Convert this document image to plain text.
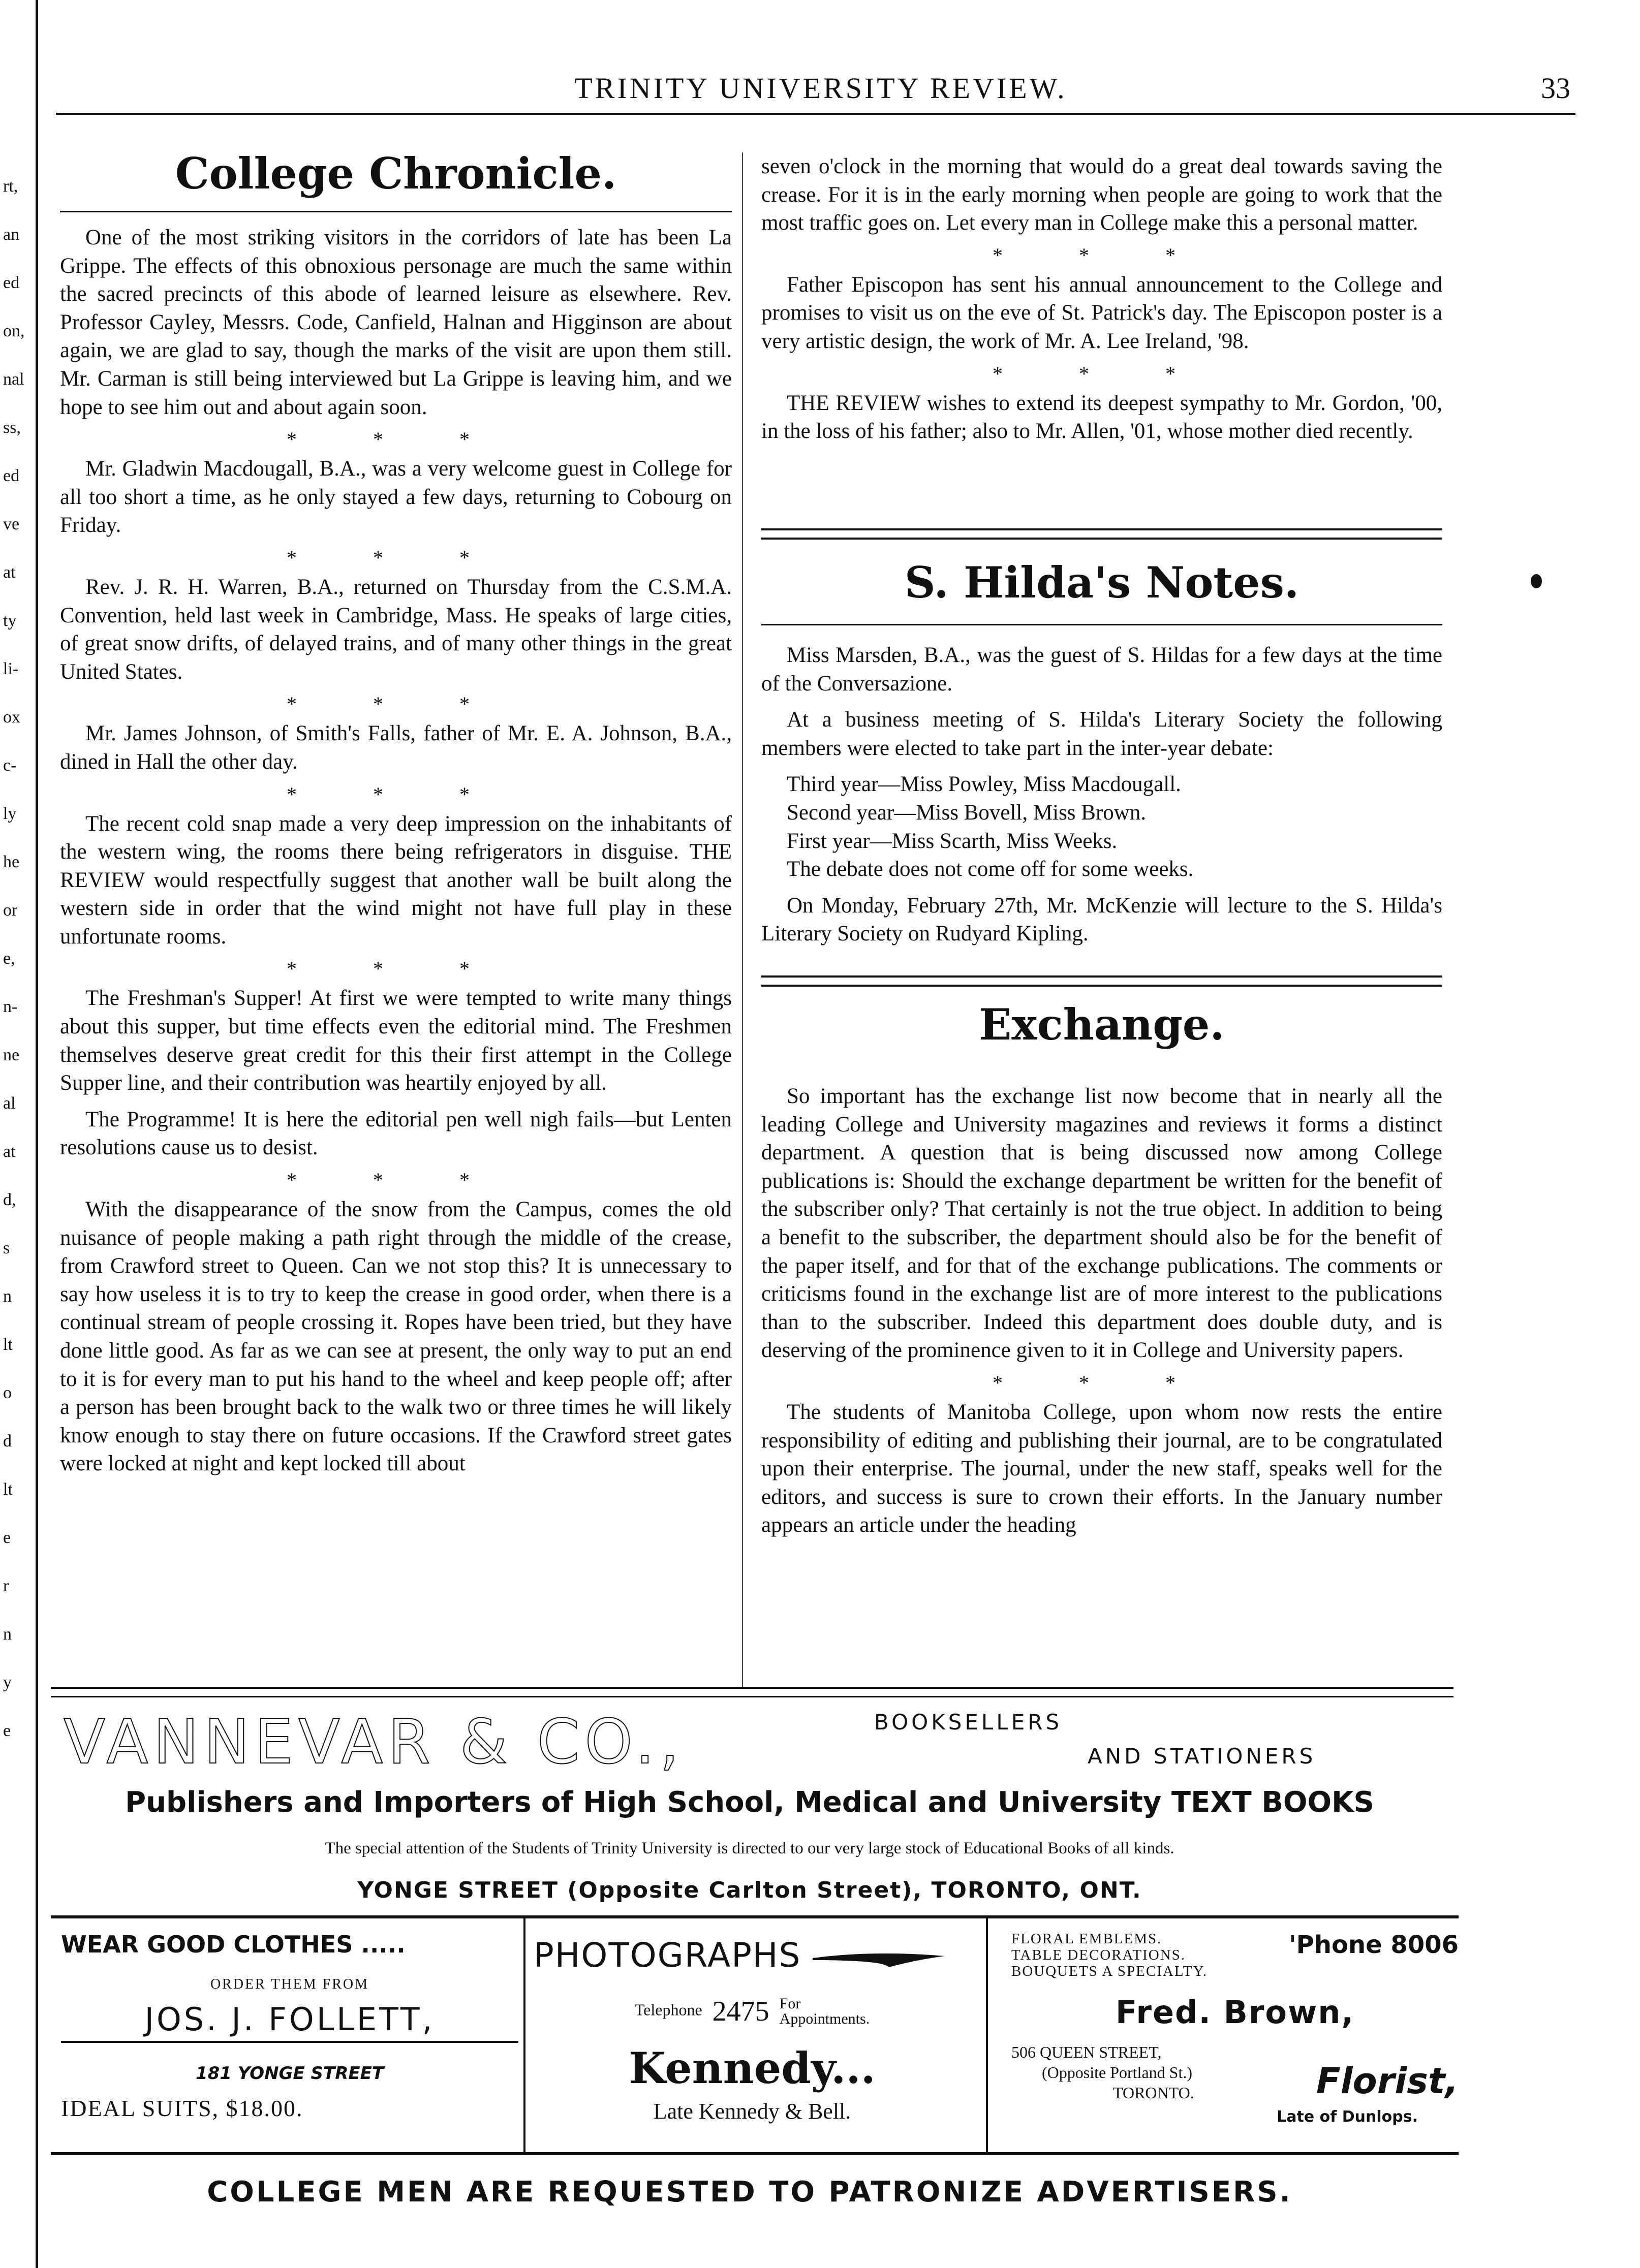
rt,
an
ed
on,
nal
ss,
ed
ve
at
ty
li-
ox
c-
ly
he
or
e,
n-
ne
al
at
d,
s
n
lt
o
d
lt
e
r
n
y
e
TRINITY UNIVERSITY REVIEW.	33
College Chronicle.

One of the most striking visitors in the corridors of late has been La Grippe. The effects of this obnoxious personage are much the same within the sacred precincts of this abode of learned leisure as elsewhere. Rev. Professor Cayley, Messrs. Code, Canfield, Halnan and Higginson are about again, we are glad to say, though the marks of the visit are upon them still. Mr. Carman is still being interviewed but La Grippe is leaving him, and we hope to see him out and about again soon.

* * *

Mr. Gladwin Macdougall, B.A., was a very welcome guest in College for all too short a time, as he only stayed a few days, returning to Cobourg on Friday.

* * *

Rev. J. R. H. Warren, B.A., returned on Thursday from the C.S.M.A. Convention, held last week in Cambridge, Mass. He speaks of large cities, of great snow drifts, of delayed trains, and of many other things in the great United States.

* * *

Mr. James Johnson, of Smith's Falls, father of Mr. E. A. Johnson, B.A., dined in Hall the other day.

* * *

The recent cold snap made a very deep impression on the inhabitants of the western wing, the rooms there being refrigerators in disguise. THE REVIEW would respectfully suggest that another wall be built along the western side in order that the wind might not have full play in these unfortunate rooms.

* * *

The Freshman's Supper! At first we were tempted to write many things about this supper, but time effects even the editorial mind. The Freshmen themselves deserve great credit for this their first attempt in the College Supper line, and their contribution was heartily enjoyed by all.

The Programme! It is here the editorial pen well nigh fails—but Lenten resolutions cause us to desist.

* * *

With the disappearance of the snow from the Campus, comes the old nuisance of people making a path right through the middle of the crease, from Crawford street to Queen. Can we not stop this? It is unnecessary to say how useless it is to try to keep the crease in good order, when there is a continual stream of people crossing it. Ropes have been tried, but they have done little good. As far as we can see at present, the only way to put an end to it is for every man to put his hand to the wheel and keep people off; after a person has been brought back to the walk two or three times he will likely know enough to stay there on future occasions. If the Crawford street gates were locked at night and kept locked till about

seven o'clock in the morning that would do a great deal towards saving the crease. For it is in the early morning when people are going to work that the most traffic goes on. Let every man in College make this a personal matter.

* * *

Father Episcopon has sent his annual announcement to the College and promises to visit us on the eve of St. Patrick's day. The Episcopon poster is a very artistic design, the work of Mr. A. Lee Ireland, '98.

* * *

THE REVIEW wishes to extend its deepest sympathy to Mr. Gordon, '00, in the loss of his father; also to Mr. Allen, '01, whose mother died recently.

S. Hilda's Notes.

Miss Marsden, B.A., was the guest of S. Hildas for a few days at the time of the Conversazione.

At a business meeting of S. Hilda's Literary Society the following members were elected to take part in the inter-year debate:

Third year—Miss Powley, Miss Macdougall.

Second year—Miss Bovell, Miss Brown.

First year—Miss Scarth, Miss Weeks.

The debate does not come off for some weeks.

On Monday, February 27th, Mr. McKenzie will lecture to the S. Hilda's Literary Society on Rudyard Kipling.

Exchange.

So important has the exchange list now become that in nearly all the leading College and University magazines and reviews it forms a distinct department. A question that is being discussed now among College publications is: Should the exchange department be written for the benefit of the subscriber only? That certainly is not the true object. In addition to being a benefit to the subscriber, the department should also be for the benefit of the paper itself, and for that of the exchange publications. The comments or criticisms found in the exchange list are of more interest to the publications than to the subscriber. Indeed this department does double duty, and is deserving of the prominence given to it in College and University papers.

* * *

The students of Manitoba College, upon whom now rests the entire responsibility of editing and publishing their journal, are to be congratulated upon their enterprise. The journal, under the new staff, speaks well for the editors, and success is sure to crown their efforts. In the January number appears an article under the heading

VANNEVAR & CO.,	BOOKSELLERS
AND STATIONERS
Publishers and Importers of High School, Medical and University TEXT BOOKS
The special attention of the Students of Trinity University is directed to our very large stock of Educational Books of all kinds.
YONGE STREET (Opposite Carlton Street), TORONTO, ONT.
WEAR GOOD CLOTHES .....
ORDER THEM FROM
JOS. J. FOLLETT,
181 YONGE STREET
IDEAL SUITS, $18.00.
PHOTOGRAPHS
Telephone 2475 For
Appointments.
Kennedy...
Late Kennedy & Bell.
FLORAL EMBLEMS.
TABLE DECORATIONS.
BOUQUETS A SPECIALTY.
'Phone 8006
Fred. Brown,
506 QUEEN STREET,
(Opposite Portland St.)
TORONTO.	Florist,
Late of Dunlops.
COLLEGE MEN ARE REQUESTED TO PATRONIZE ADVERTISERS.
